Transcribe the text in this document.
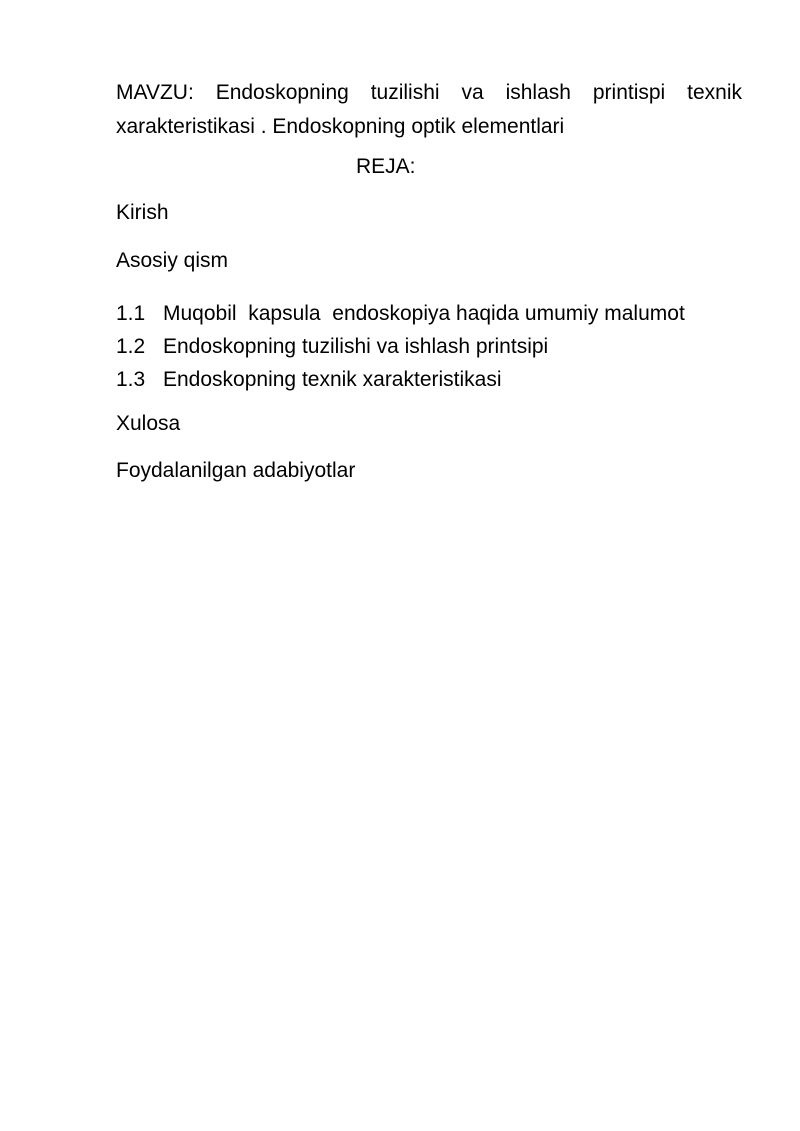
MAVZU: Endoskopning tuzilishi va ishlash printispi texnik xarakteristikasi . Endoskopning optik elementlari

REJA:

Kirish

Asosiy qism

1.1 Muqobil  kapsula  endoskopiya haqida umumiy malumot
1.2 Endoskopning tuzilishi va ishlash printsipi
1.3 Endoskopning texnik xarakteristikasi

Xulosa

Foydalanilgan adabiyotlar
